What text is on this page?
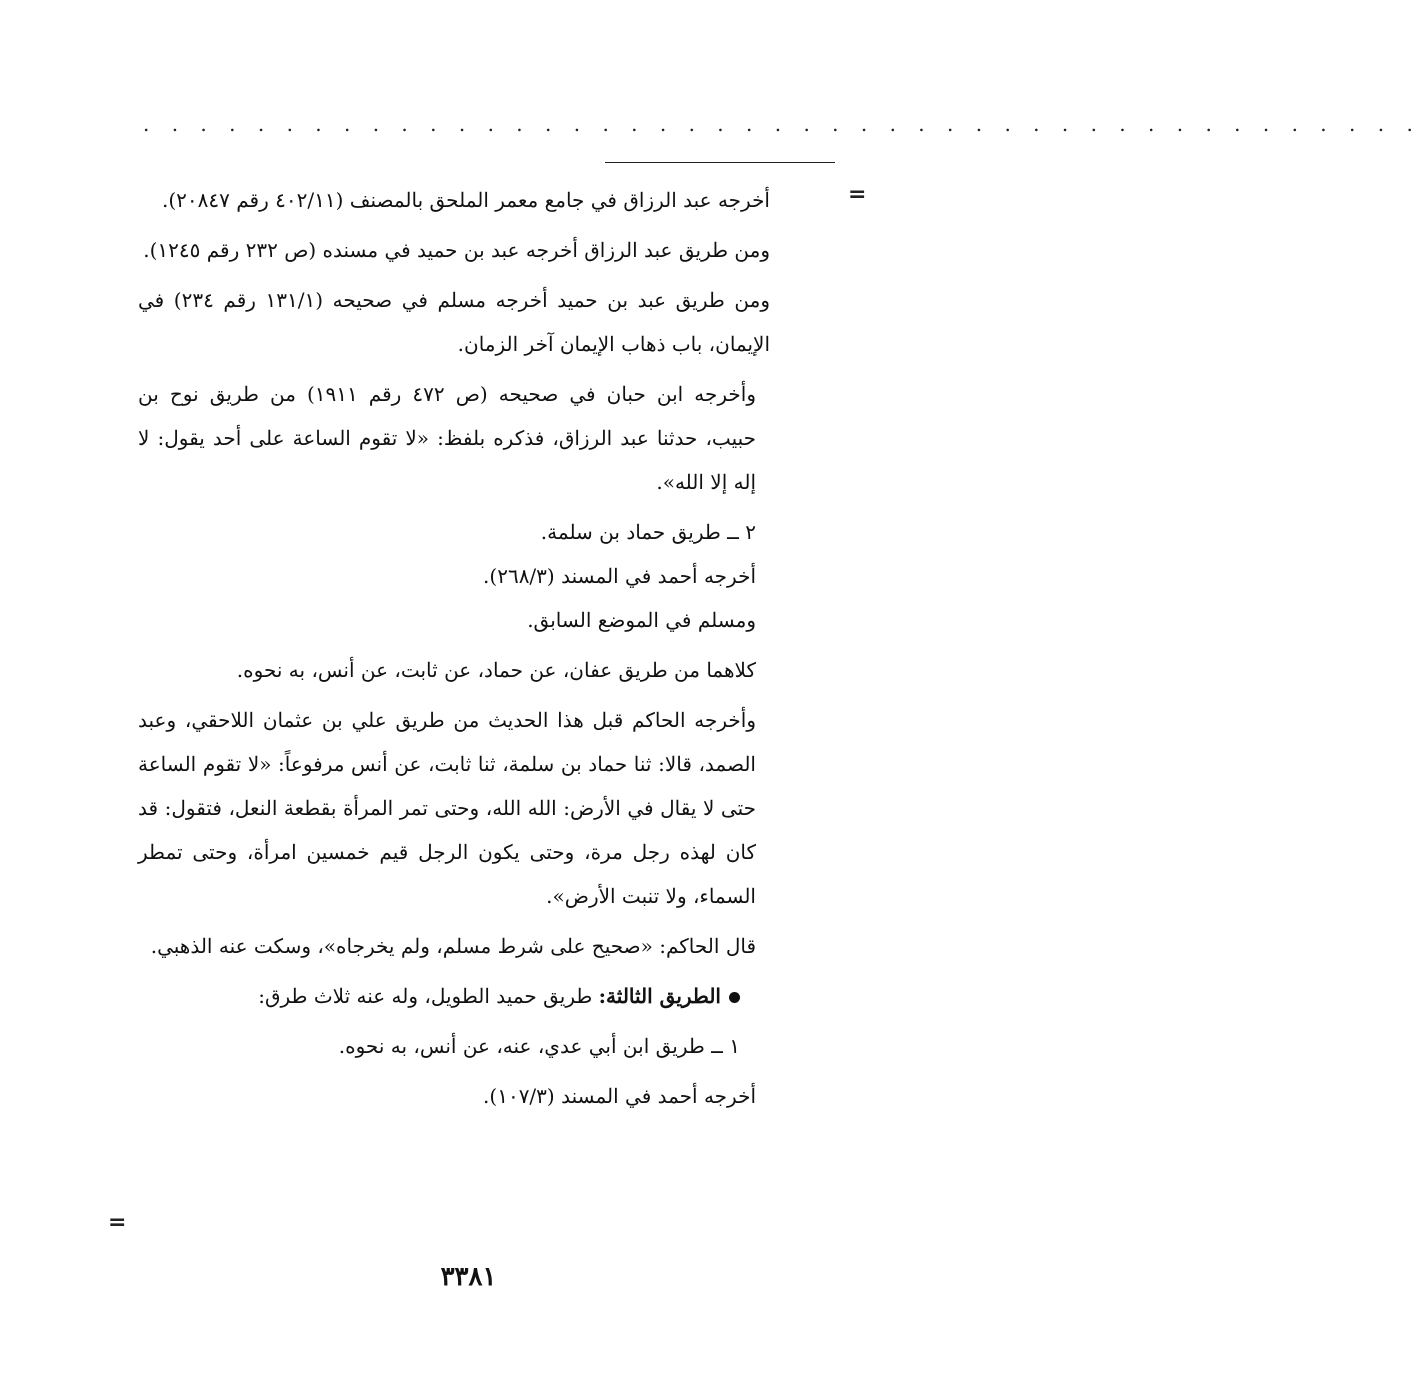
. . . . . . . . . . . . . . . . . . . . . . . . . . . . . . . . . . . . . . . . . . . . .
=
=

أخرجه عبد الرزاق في جامع معمر الملحق بالمصنف (٤٠٢/١١ رقم ٢٠٨٤٧).

ومن طريق عبد الرزاق أخرجه عبد بن حميد في مسنده (ص ٢٣٢ رقم ١٢٤٥).

ومن طريق عبد بن حميد أخرجه مسلم في صحيحه (١٣١/١ رقم ٢٣٤) في الإيمان، باب ذهاب الإيمان آخر الزمان.

وأخرجه ابن حبان في صحيحه (ص ٤٧٢ رقم ١٩١١) من طريق نوح بن حبيب، حدثنا عبد الرزاق، فذكره بلفظ: «لا تقوم الساعة على أحد يقول: لا إله إلا الله».

٢ ــ طريق حماد بن سلمة.

أخرجه أحمد في المسند (٢٦٨/٣).

ومسلم في الموضع السابق.

كلاهما من طريق عفان، عن حماد، عن ثابت، عن أنس، به نحوه.

وأخرجه الحاكم قبل هذا الحديث من طريق علي بن عثمان اللاحقي، وعبد الصمد، قالا: ثنا حماد بن سلمة، ثنا ثابت، عن أنس مرفوعاً: «لا تقوم الساعة حتى لا يقال في الأرض: الله الله، وحتى تمر المرأة بقطعة النعل، فتقول: قد كان لهذه رجل مرة، وحتى يكون الرجل قيم خمسين امرأة، وحتى تمطر السماء، ولا تنبت الأرض».

قال الحاكم: «صحيح على شرط مسلم، ولم يخرجاه»، وسكت عنه الذهبي.

الطريق الثالثة: طريق حميد الطويل، وله عنه ثلاث طرق:

١ ــ طريق ابن أبي عدي، عنه، عن أنس، به نحوه.

أخرجه أحمد في المسند (١٠٧/٣).

٣٣٨١
